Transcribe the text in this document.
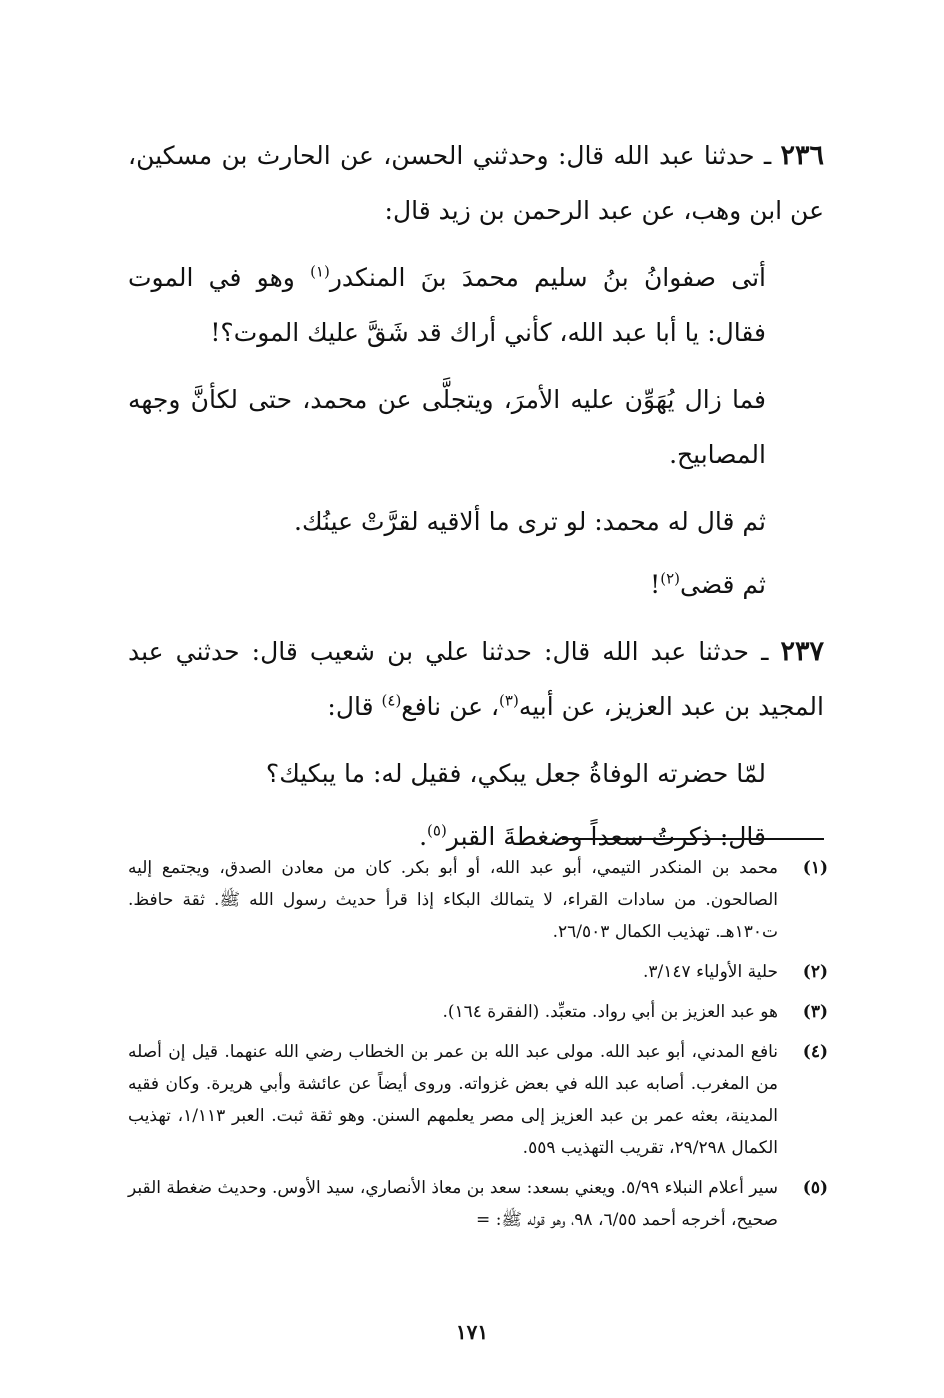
٢٣٦ ـ حدثنا عبد الله قال: وحدثني الحسن، عن الحارث بن مسكين، عن ابن وهب، عن عبد الرحمن بن زيد قال:

أتى صفوانُ بنُ سليم محمدَ بنَ المنكدر$^{(١)}$ وهو في الموت فقال: يا أبا عبد الله، كأني أراك قد شَقَّ عليك الموت؟!

فما زال يُهَوِّن عليه الأمرَ، ويتجلَّى عن محمد، حتى لكأنَّ وجهه المصابيح.

ثم قال له محمد: لو ترى ما ألاقيه لقرَّتْ عينُك.

ثم قضى$^{(٢)}$!

٢٣٧ ـ حدثنا عبد الله قال: حدثنا علي بن شعيب قال: حدثني عبد المجيد بن عبد العزيز، عن أبيه$^{(٣)}$، عن نافع$^{(٤)}$ قال:

لمّا حضرته الوفاةُ جعل يبكي، فقيل له: ما يبكيك؟

قال: ذكرتُ سعداً وضغطةَ القبر$^{(٥)}$.

(١)
محمد بن المنكدر التيمي، أبو عبد الله، أو أبو بكر. كان من معادن الصدق، ويجتمع إليه الصالحون. من سادات القراء، لا يتمالك البكاء إذا قرأ حديث رسول الله ﷺ. ثقة حافظ. ت١٣٠هـ. تهذيب الكمال ٢٦/٥٠٣.
(٢)
حلية الأولياء ٣/١٤٧.
(٣)
هو عبد العزيز بن أبي رواد. متعبِّد. (الفقرة ١٦٤).
(٤)
نافع المدني، أبو عبد الله. مولى عبد الله بن عمر بن الخطاب رضي الله عنهما. قيل إن أصله من المغرب. أصابه عبد الله في بعض غزواته. وروى أيضاً عن عائشة وأبي هريرة. وكان فقيه المدينة، بعثه عمر بن عبد العزيز إلى مصر يعلمهم السنن. وهو ثقة ثبت. العبر ١/١١٣، تهذيب الكمال ٢٩/٢٩٨، تقريب التهذيب ٥٥٩.
(٥)
سير أعلام النبلاء ٥/٩٩. ويعني بسعد: سعد بن معاذ الأنصاري، سيد الأوس. وحديث ضغطة القبر صحيح، أخرجه أحمد ٦/٥٥، ٩٨، وهو قوله ﷺ: =
١٧١
